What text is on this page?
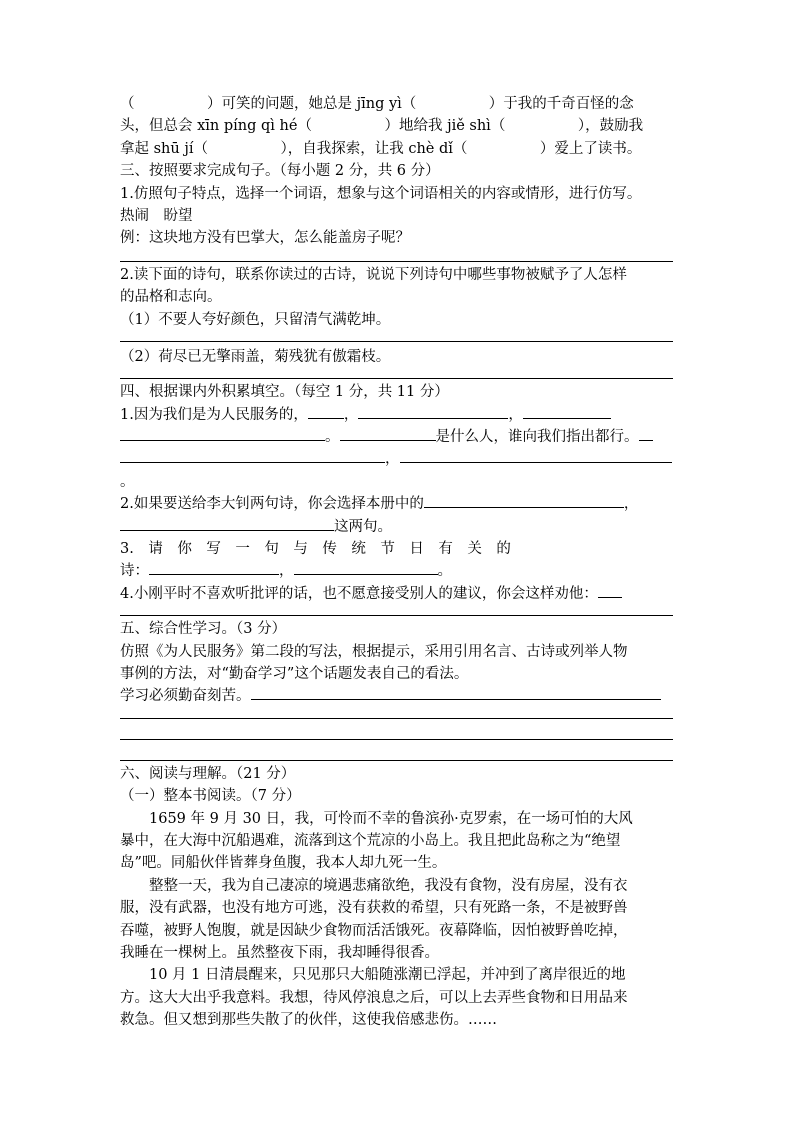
（　　　　　）可笑的问题，她总是 jīng yì（　　　　　）于我的千奇百怪的念
头，但总会 xīn píng qì hé（　　　　　）地给我 jiě shì（　　　　　），鼓励我
拿起 shū jí（　　　　　），自我探索，让我 chè dǐ（　　　　　）爱上了读书。
三、按照要求完成句子。（每小题 2 分，共 6 分）
1.仿照句子特点，选择一个词语，想象与这个词语相关的内容或情形，进行仿写。
热闹　盼望
例：这块地方没有巴掌大，怎么能盖房子呢？
2.读下面的诗句，联系你读过的古诗，说说下列诗句中哪些事物被赋予了人怎样
的品格和志向。
（1）不要人夸好颜色，只留清气满乾坤。
（2）荷尽已无擎雨盖，菊残犹有傲霜枝。
四、根据课内外积累填空。（每空 1 分，共 11 分）
1.因为我们是为人民服务的， ，	，
。	是什么人，谁向我们指出都行。
，
。
2.如果要送给李大钊两句诗，你会选择本册中的	，
这两句。
3.　请　你　写　一　句　与　传　统　节　日　有　关　的
诗：	，	。
4.小刚平时不喜欢听批评的话，也不愿意接受别人的建议，你会这样劝他：
五、综合性学习。（3 分）
仿照《为人民服务》第二段的写法，根据提示，采用引用名言、古诗或列举人物
事例的方法，对“勤奋学习”这个话题发表自己的看法。
学习必须勤奋刻苦。
六、阅读与理解。（21 分）
（一）整本书阅读。（7 分）
1659 年 9 月 30 日，我，可怜而不幸的鲁滨孙·克罗索，在一场可怕的大风
暴中，在大海中沉船遇难，流落到这个荒凉的小岛上。我且把此岛称之为“绝望
岛”吧。同船伙伴皆葬身鱼腹，我本人却九死一生。
整整一天，我为自己凄凉的境遇悲痛欲绝，我没有食物，没有房屋，没有衣
服，没有武器，也没有地方可逃，没有获救的希望，只有死路一条，不是被野兽
吞噬，被野人饱腹，就是因缺少食物而活活饿死。夜幕降临，因怕被野兽吃掉，
我睡在一棵树上。虽然整夜下雨，我却睡得很香。
10 月 1 日清晨醒来，只见那只大船随涨潮已浮起，并冲到了离岸很近的地
方。这大大出乎我意料。我想，待风停浪息之后，可以上去弄些食物和日用品来
救急。但又想到那些失散了的伙伴，这使我倍感悲伤。……
